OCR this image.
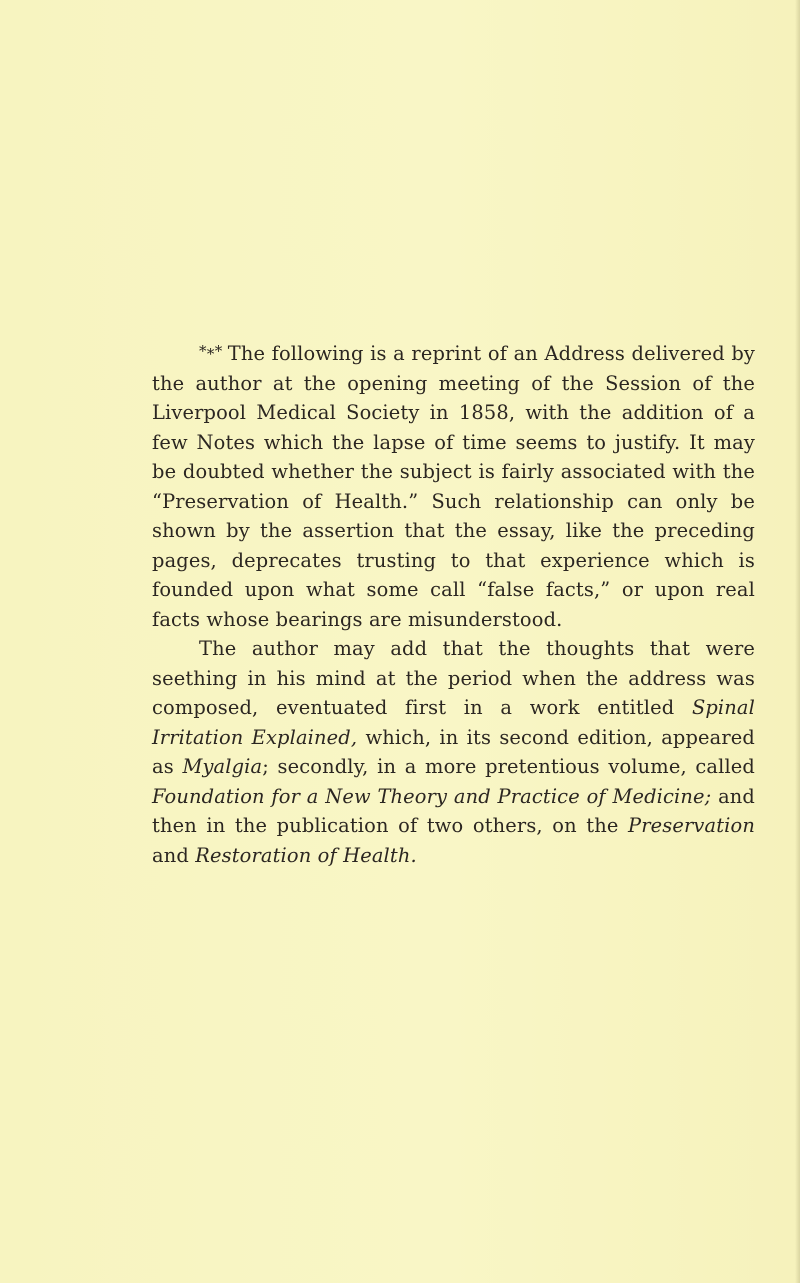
*∗* The following is a reprint of an Address delivered by the author at the opening meeting of the Session of the Liverpool Medical Society in 1858, with the addition of a few Notes which the lapse of time seems to justify. It may be doubted whether the subject is fairly associated with the “Preservation of Health.” Such relationship can only be shown by the assertion that the essay, like the preceding pages, deprecates trusting to that experience which is founded upon what some call “false facts,” or upon real facts whose bearings are misunderstood.

The author may add that the thoughts that were seething in his mind at the period when the address was composed, eventuated first in a work entitled Spinal Irritation Explained, which, in its second edition, appeared as Myalgia; secondly, in a more pretentious volume, called Foundation for a New Theory and Practice of Medicine; and then in the publication of two others, on the Preservation and Restoration of Health.
